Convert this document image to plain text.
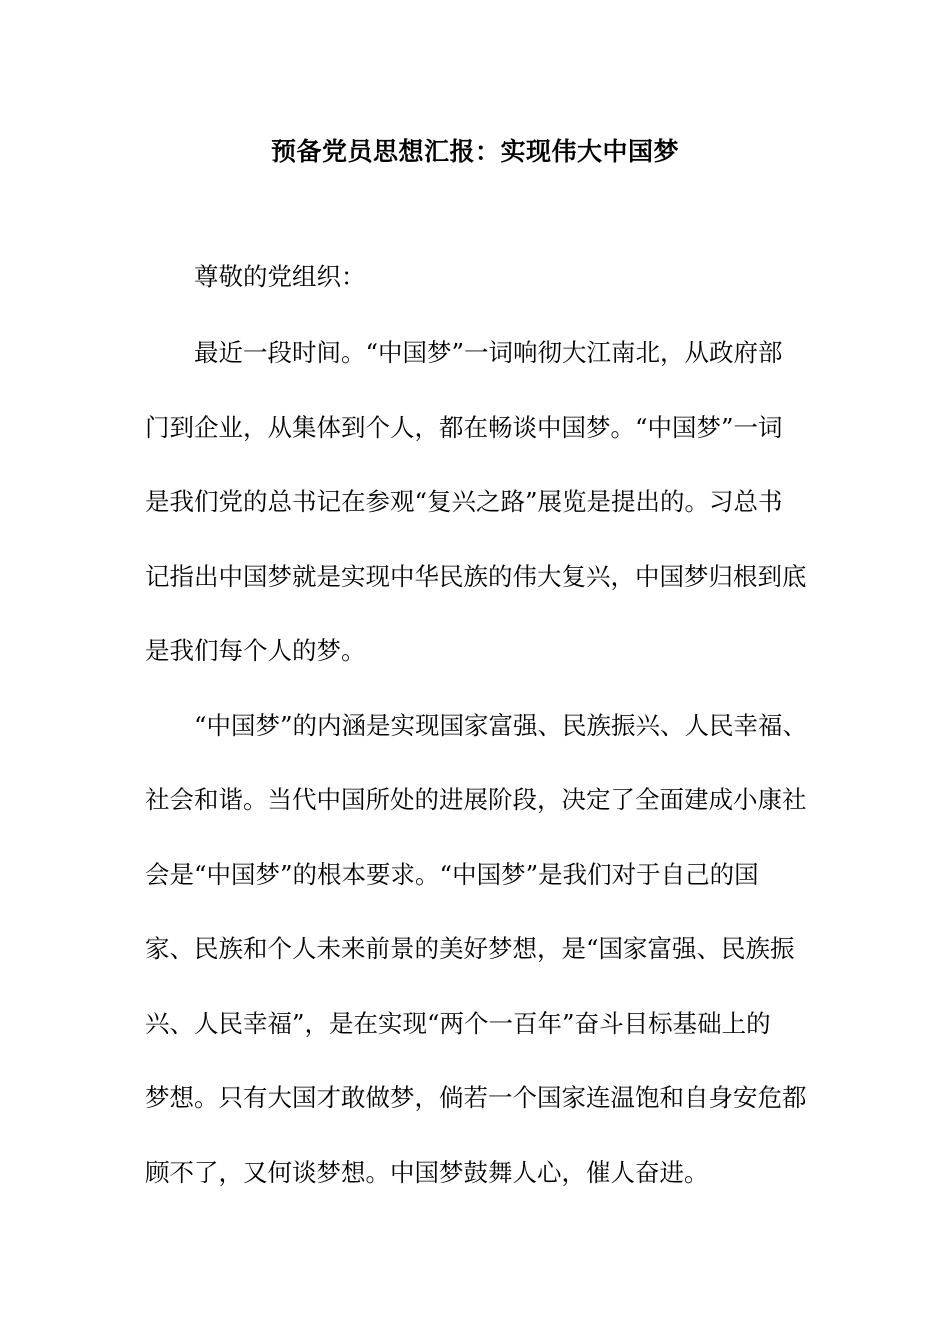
预备党员思想汇报：实现伟大中国梦
尊敬的党组织：
最近一段时间。“中国梦”一词响彻大江南北，从政府部
门到企业，从集体到个人，都在畅谈中国梦。“中国梦”一词
是我们党的总书记在参观“复兴之路”展览是提出的。习总书
记指出中国梦就是实现中华民族的伟大复兴，中国梦归根到底
是我们每个人的梦。
“中国梦”的内涵是实现国家富强、民族振兴、人民幸福、
社会和谐。当代中国所处的进展阶段，决定了全面建成小康社
会是“中国梦”的根本要求。“中国梦”是我们对于自己的国
家、民族和个人未来前景的美好梦想，是“国家富强、民族振
兴、人民幸福”，是在实现“两个一百年”奋斗目标基础上的
梦想。只有大国才敢做梦，倘若一个国家连温饱和自身安危都
顾不了，又何谈梦想。中国梦鼓舞人心，催人奋进。
